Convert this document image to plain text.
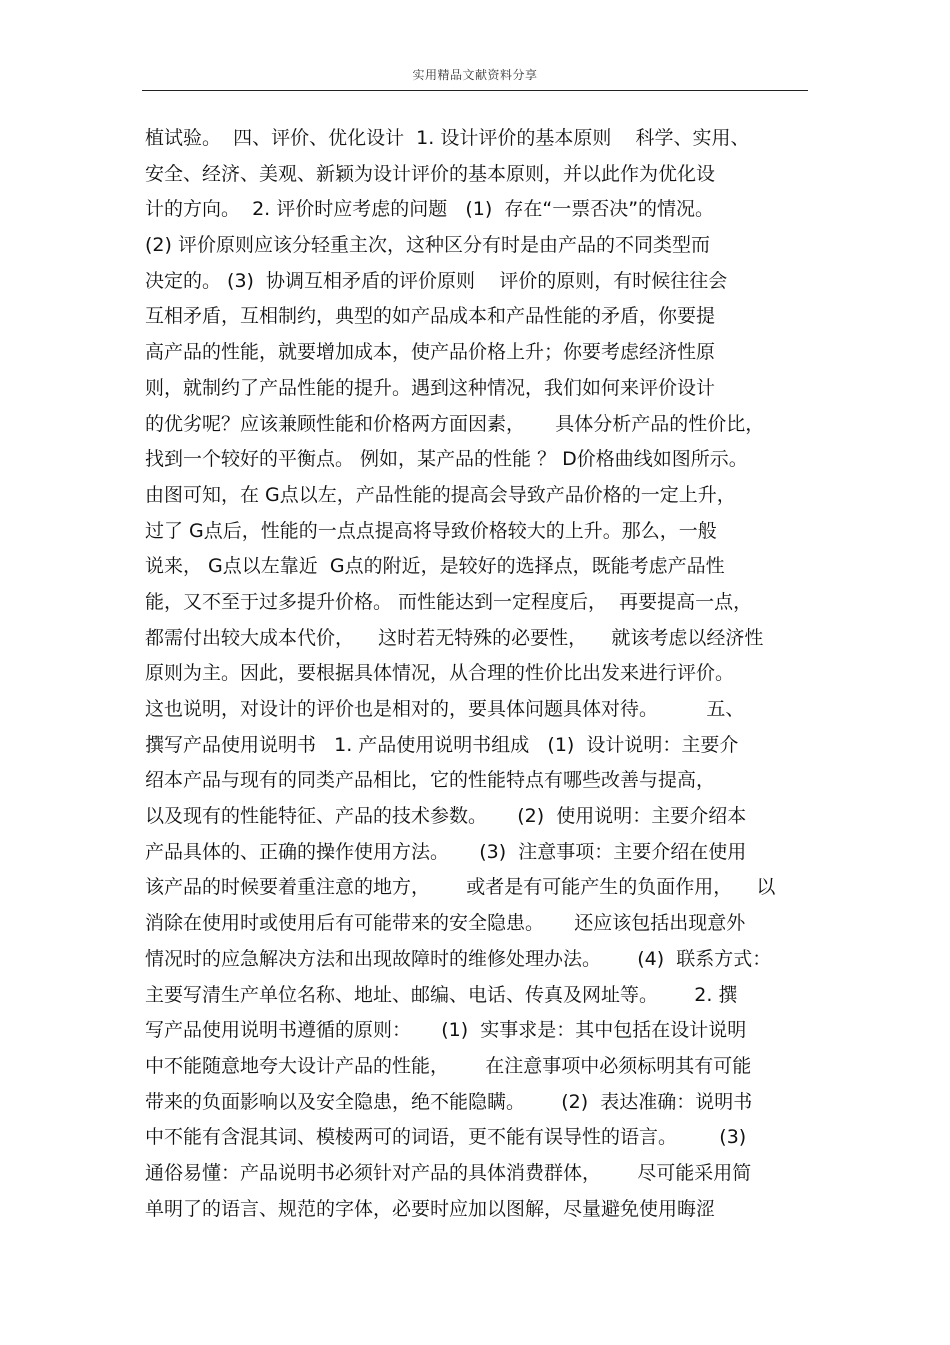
实用精品文献资料分享
植试验。  四、评价、优化设计  1. 设计评价的基本原则    科学、实用、
安全、经济、美观、新颖为设计评价的基本原则，并以此作为优化设
计的方向。  2. 评价时应考虑的问题   (1)  存在“一票否决”的情况。
(2) 评价原则应该分轻重主次，这种区分有时是由产品的不同类型而
决定的。 (3)  协调互相矛盾的评价原则    评价的原则，有时候往往会
互相矛盾，互相制约，典型的如产品成本和产品性能的矛盾，你要提
高产品的性能，就要增加成本，使产品价格上升；你要考虑经济性原
则，就制约了产品性能的提升。遇到这种情况，我们如何来评价设计
的优劣呢？应该兼顾性能和价格两方面因素，     具体分析产品的性价比，
找到一个较好的平衡点。 例如，某产品的性能 ？ D价格曲线如图所示。
由图可知，在 G点以左，产品性能的提高会导致产品价格的一定上升，
过了 G点后，性能的一点点提高将导致价格较大的上升。那么，一般
说来， G点以左靠近  G点的附近，是较好的选择点，既能考虑产品性
能，又不至于过多提升价格。 而性能达到一定程度后，  再要提高一点，
都需付出较大成本代价，    这时若无特殊的必要性，    就该考虑以经济性
原则为主。因此，要根据具体情况，从合理的性价比出发来进行评价。
这也说明，对设计的评价也是相对的，要具体问题具体对待。        五、
撰写产品使用说明书   1. 产品使用说明书组成   (1)  设计说明：主要介
绍本产品与现有的同类产品相比，它的性能特点有哪些改善与提高，
以及现有的性能特征、产品的技术参数。     (2)  使用说明：主要介绍本
产品具体的、正确的操作使用方法。     (3)  注意事项：主要介绍在使用
该产品的时候要着重注意的地方，      或者是有可能产生的负面作用，    以
消除在使用时或使用后有可能带来的安全隐患。     还应该包括出现意外
情况时的应急解决方法和出现故障时的维修处理办法。      (4)  联系方式：
主要写清生产单位名称、地址、邮编、电话、传真及网址等。      2. 撰
写产品使用说明书遵循的原则：     (1)  实事求是：其中包括在设计说明
中不能随意地夸大设计产品的性能，      在注意事项中必须标明其有可能
带来的负面影响以及安全隐患，绝不能隐瞒。      (2)  表达准确：说明书
中不能有含混其词、模棱两可的词语，更不能有误导性的语言。       (3)
通俗易懂：产品说明书必须针对产品的具体消费群体，      尽可能采用简
单明了的语言、规范的字体，必要时应加以图解，尽量避免使用晦涩
